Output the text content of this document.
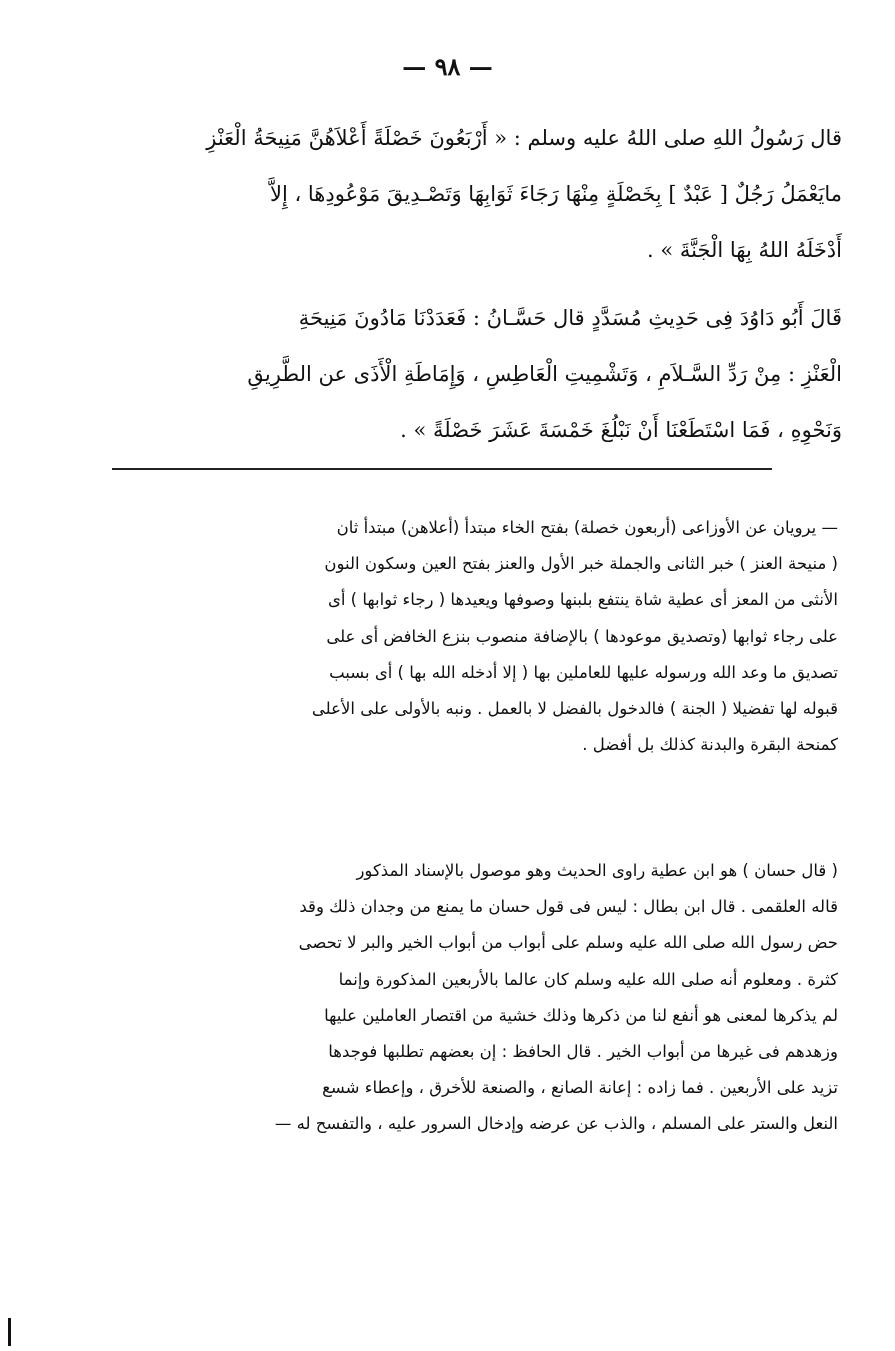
— ٩٨ —
قال رَسُولُ اللهِ صلى اللهُ عليه وسلم : « أَرْبَعُونَ خَصْلَةً أَعْلاَهُنَّ مَنِيحَةُ الْعَنْزِ
مايَعْمَلُ رَجُلٌ [ عَبْدٌ ] بِخَصْلَةٍ مِنْهَا رَجَاءَ ثَوَابِهَا وَتَصْـدِيقَ مَوْعُودِهَا ، إِلاَّ
أَدْخَلَهُ اللهُ بِهَا الْجَنَّةَ » .
قَالَ أَبُو دَاوُدَ فِى حَدِيثِ مُسَدَّدٍ قال حَسَّـانُ : فَعَدَدْنَا مَادُونَ مَنِيحَةِ
الْعَنْزِ : مِنْ رَدِّ السَّـلاَمِ ، وَتَشْمِيتِ الْعَاطِسِ ، وَإِمَاطَةِ الْأَذَى عن الطَّرِيقِ
وَنَحْوِهِ ، فَمَا اسْتَطَعْنَا أَنْ نَبْلُغَ خَمْسَةَ عَشَرَ خَصْلَةً » .
— يرويان عن الأوزاعى (أربعون خصلة) بفتح الخاء مبتدأ (أعلاهن) مبتدأ ثان
( منيحة العنز ) خبر الثانى والجملة خبر الأول والعنز بفتح العين وسكون النون
الأنثى من المعز أى عطية شاة ينتفع بلبنها وصوفها ويعيدها ( رجاء ثوابها ) أى
على رجاء ثوابها (وتصديق موعودها ) بالإضافة منصوب بنزع الخافض أى على
تصديق ما وعد الله ورسوله عليها للعاملين بها ( إلا أدخله الله بها ) أى بسبب
قبوله لها تفضيلا ( الجنة ) فالدخول بالفضل لا بالعمل . ونبه بالأولى على الأعلى
كمنحة البقرة والبدنة كذلك بل أفضل .
( قال حسان ) هو ابن عطية راوى الحديث وهو موصول بالإسناد المذكور
قاله العلقمى . قال ابن بطال : ليس فى قول حسان ما يمنع من وجدان ذلك وقد
حض رسول الله صلى الله عليه وسلم على أبواب من أبواب الخير والبر لا تحصى
كثرة . ومعلوم أنه صلى الله عليه وسلم كان عالما بالأربعين المذكورة وإنما
لم يذكرها لمعنى هو أنفع لنا من ذكرها وذلك خشية من اقتصار العاملين عليها
وزهدهم فى غيرها من أبواب الخير . قال الحافظ : إن بعضهم تطلبها فوجدها
تزيد على الأربعين . فما زاده : إعانة الصانع ، والصنعة للأخرق ، وإعطاء شسع
النعل والستر على المسلم ، والذب عن عرضه وإدخال السرور عليه ، والتفسح له —
